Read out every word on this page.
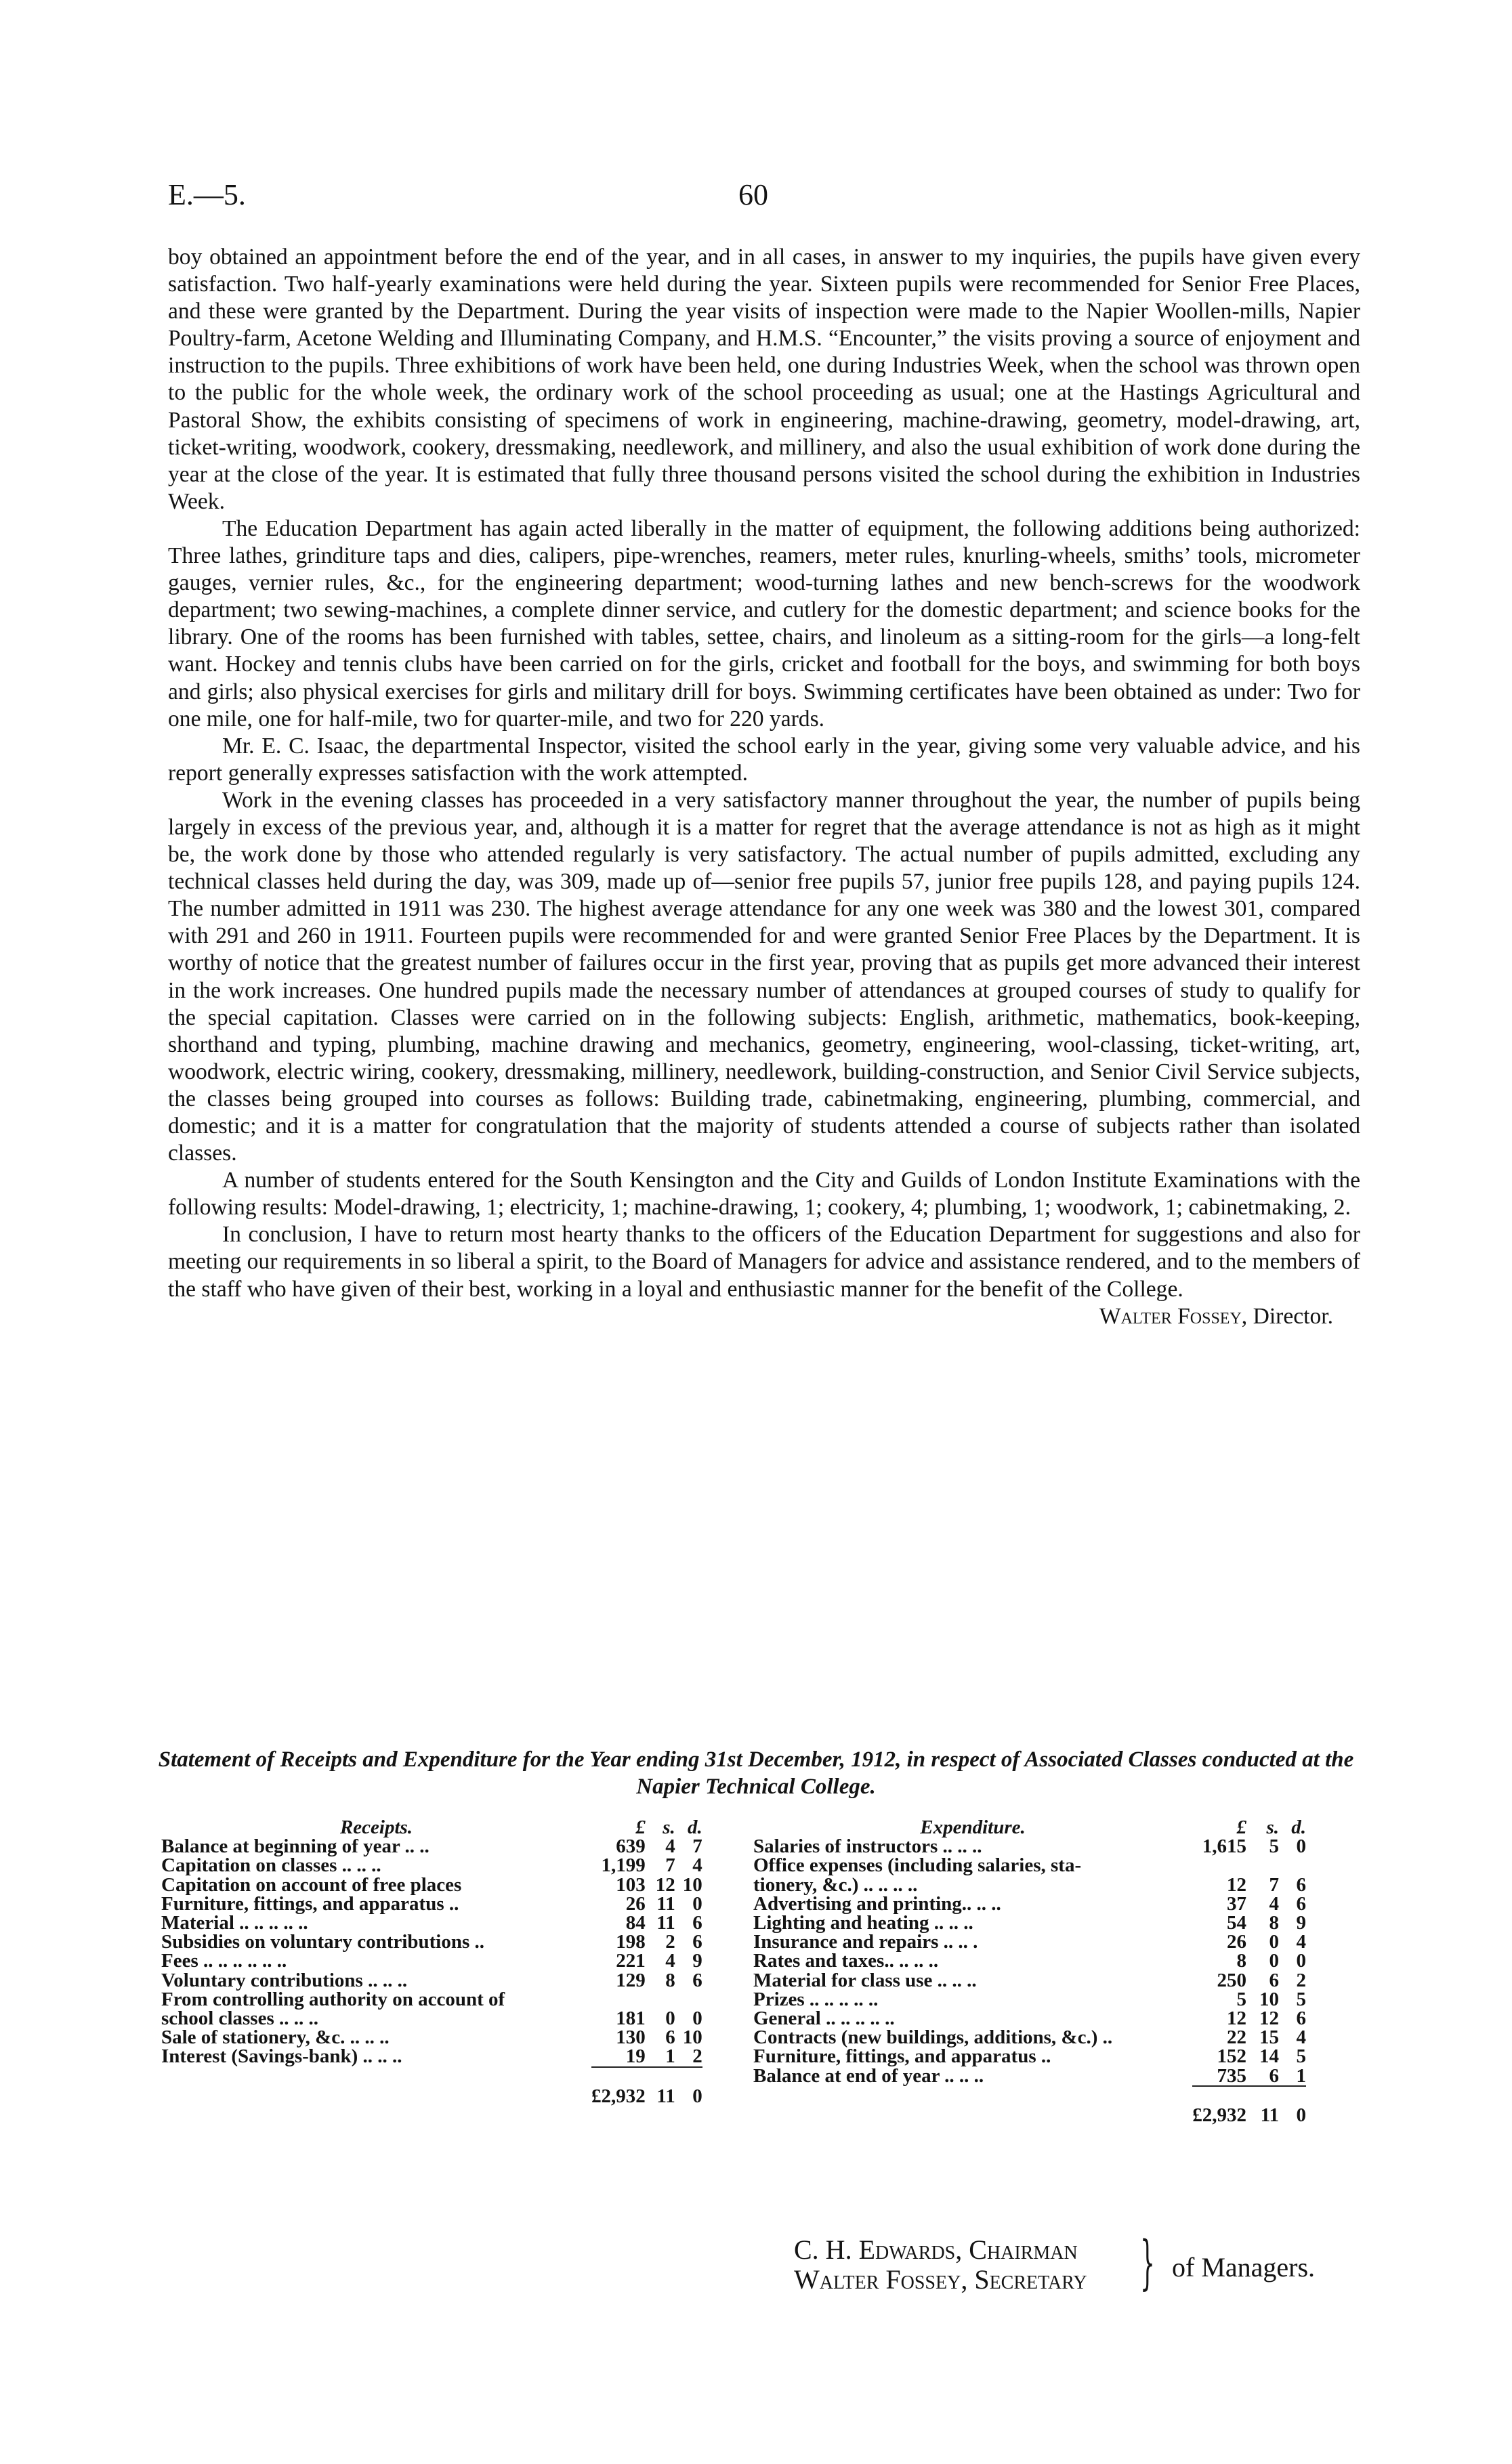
E.—5.	60

boy obtained an appointment before the end of the year, and in all cases, in answer to my inquiries, the pupils have given every satisfaction. Two half-yearly examinations were held during the year. Sixteen pupils were recommended for Senior Free Places, and these were granted by the Department. During the year visits of inspection were made to the Napier Woollen-mills, Napier Poultry-farm, Acetone Welding and Illuminating Company, and H.M.S. “Encounter,” the visits proving a source of enjoyment and instruction to the pupils. Three exhibitions of work have been held, one during Industries Week, when the school was thrown open to the public for the whole week, the ordinary work of the school proceeding as usual; one at the Hastings Agricultural and Pastoral Show, the exhibits consisting of specimens of work in engineering, machine-drawing, geometry, model-drawing, art, ticket-writing, woodwork, cookery, dressmaking, needlework, and millinery, and also the usual exhibition of work done during the year at the close of the year. It is estimated that fully three thousand persons visited the school during the exhibition in Industries Week.

The Education Department has again acted liberally in the matter of equipment, the following additions being authorized: Three lathes, grinditure taps and dies, calipers, pipe-wrenches, reamers, meter rules, knurling-wheels, smiths’ tools, micrometer gauges, vernier rules, &c., for the engineering department; wood-turning lathes and new bench-screws for the woodwork department; two sewing-machines, a complete dinner service, and cutlery for the domestic department; and science books for the library. One of the rooms has been furnished with tables, settee, chairs, and linoleum as a sitting-room for the girls—a long-felt want. Hockey and tennis clubs have been carried on for the girls, cricket and football for the boys, and swimming for both boys and girls; also physical exercises for girls and military drill for boys. Swimming certificates have been obtained as under: Two for one mile, one for half-mile, two for quarter-mile, and two for 220 yards.

Mr. E. C. Isaac, the departmental Inspector, visited the school early in the year, giving some very valuable advice, and his report generally expresses satisfaction with the work attempted.

Work in the evening classes has proceeded in a very satisfactory manner throughout the year, the number of pupils being largely in excess of the previous year, and, although it is a matter for regret that the average attendance is not as high as it might be, the work done by those who attended regularly is very satisfactory. The actual number of pupils admitted, excluding any technical classes held during the day, was 309, made up of—senior free pupils 57, junior free pupils 128, and paying pupils 124. The number admitted in 1911 was 230. The highest average attendance for any one week was 380 and the lowest 301, compared with 291 and 260 in 1911. Fourteen pupils were recommended for and were granted Senior Free Places by the Department. It is worthy of notice that the greatest number of failures occur in the first year, proving that as pupils get more advanced their interest in the work increases. One hundred pupils made the necessary number of attendances at grouped courses of study to qualify for the special capitation. Classes were carried on in the following subjects: English, arithmetic, mathematics, book-keeping, shorthand and typing, plumbing, machine drawing and mechanics, geometry, engineering, wool-classing, ticket-writing, art, woodwork, electric wiring, cookery, dressmaking, millinery, needlework, building-construction, and Senior Civil Service subjects, the classes being grouped into courses as follows: Building trade, cabinetmaking, engineering, plumbing, commercial, and domestic; and it is a matter for congratulation that the majority of students attended a course of subjects rather than isolated classes.

A number of students entered for the South Kensington and the City and Guilds of London Institute Examinations with the following results: Model-drawing, 1; electricity, 1; machine-drawing, 1; cookery, 4; plumbing, 1; woodwork, 1; cabinetmaking, 2.

In conclusion, I have to return most hearty thanks to the officers of the Education Department for suggestions and also for meeting our requirements in so liberal a spirit, to the Board of Managers for advice and assistance rendered, and to the members of the staff who have given of their best, working in a loyal and enthusiastic manner for the benefit of the College.

Walter Fossey, Director.

Statement of Receipts and Expenditure for the Year ending 31st December, 1912, in respect of Associated Classes conducted at the Napier Technical College.
Receipts.	£	s.	d.
Balance at beginning of year .. ..	639	4	7
Capitation on classes .. .. ..	1,199	7	4
Capitation on account of free places	103	12	10
Furniture, fittings, and apparatus ..	26	11	0
Material .. .. .. .. ..	84	11	6
Subsidies on voluntary contributions ..	198	2	6
Fees .. .. .. .. .. ..	221	4	9
Voluntary contributions .. .. ..	129	8	6
From controlling authority on account of			
school classes .. .. ..	181	0	0
Sale of stationery, &c. .. .. ..	130	6	10
Interest (Savings-bank) .. .. ..	19	1	2
	£2,932	11	0
Expenditure.	£	s.	d.
Salaries of instructors .. .. ..	1,615	5	0
Office expenses (including salaries, sta-			
tionery, &c.) .. .. .. ..	12	7	6
Advertising and printing.. .. ..	37	4	6
Lighting and heating .. .. ..	54	8	9
Insurance and repairs .. .. .	26	0	4
Rates and taxes.. .. .. ..	8	0	0
Material for class use .. .. ..	250	6	2
Prizes .. .. .. .. ..	5	10	5
General .. .. .. .. ..	12	12	6
Contracts (new buildings, additions, &c.) ..	22	15	4
Furniture, fittings, and apparatus ..	152	14	5
Balance at end of year .. .. ..	735	6	1
	£2,932	11	0
C. H. Edwards, Chairman
Walter Fossey, Secretary } of Managers.
